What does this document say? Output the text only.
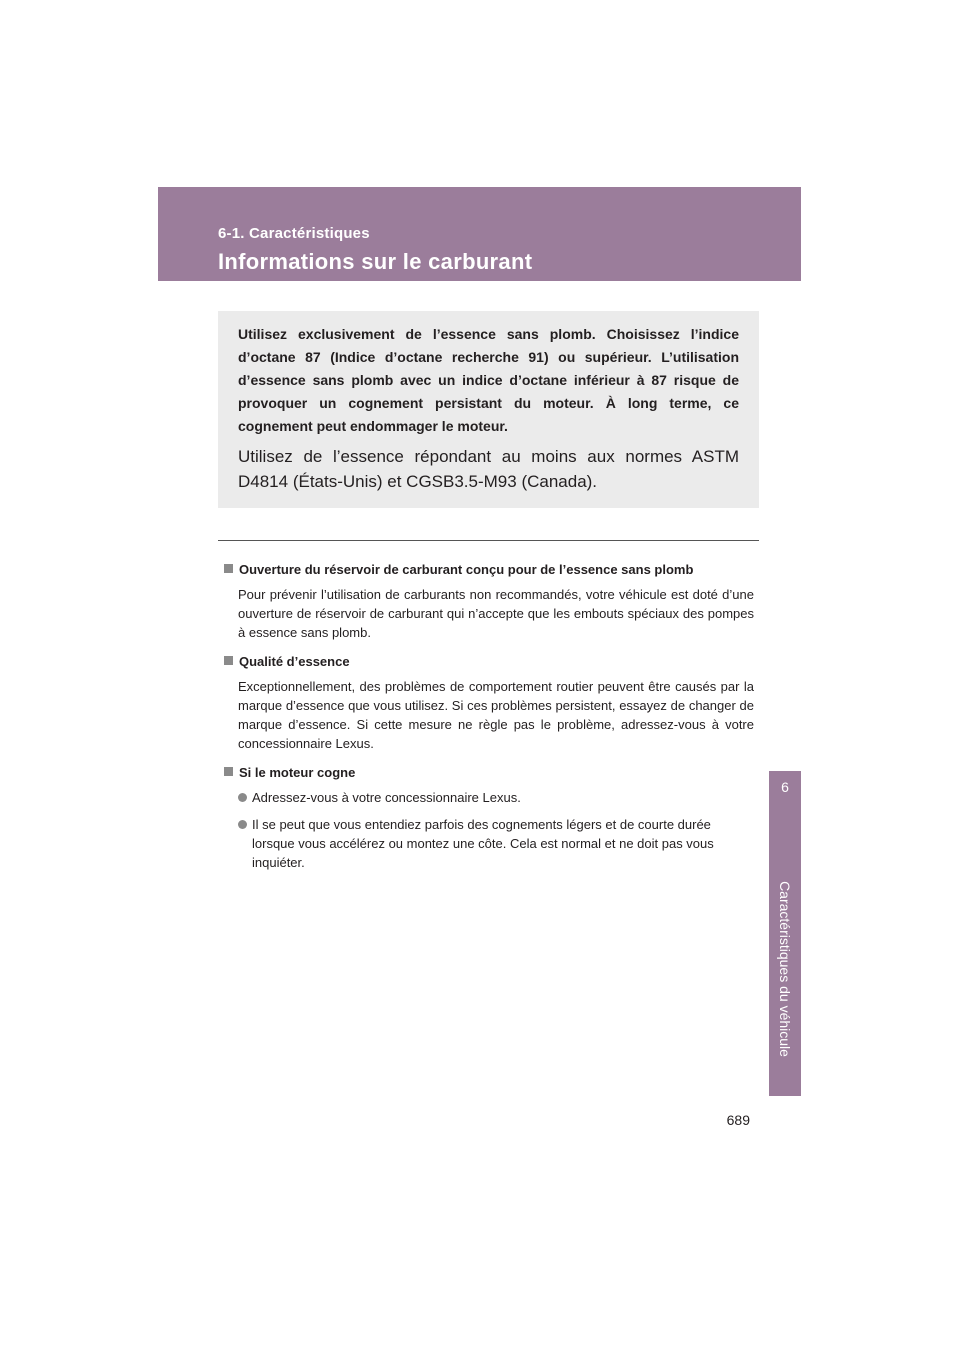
6-1. Caractéristiques
Informations sur le carburant

Utilisez exclusivement de l’essence sans plomb. Choisissez l’indice d’octane 87 (Indice d’octane recherche 91) ou supérieur. L’utilisation d’essence sans plomb avec un indice d’octane inférieur à 87 risque de provoquer un cognement persistant du moteur. À long terme, ce cognement peut endommager le moteur.

Utilisez de l’essence répondant au moins aux normes ASTM D4814 (États-Unis) et CGSB3.5-M93 (Canada).

Ouverture du réservoir de carburant conçu pour de l’essence sans plomb

Pour prévenir l’utilisation de carburants non recommandés, votre véhicule est doté d’une ouverture de réservoir de carburant qui n’accepte que les embouts spéciaux des pompes à essence sans plomb.

Qualité d’essence

Exceptionnellement, des problèmes de comportement routier peuvent être causés par la marque d’essence que vous utilisez. Si ces problèmes persistent, essayez de changer de marque d’essence. Si cette mesure ne règle pas le problème, adressez-vous à votre concessionnaire Lexus.

Si le moteur cogne
Adressez-vous à votre concessionnaire Lexus.
Il se peut que vous entendiez parfois des cognements légers et de courte durée lorsque vous accélérez ou montez une côte. Cela est normal et ne doit pas vous inquiéter.
6
Caractéristiques du véhicule
689
